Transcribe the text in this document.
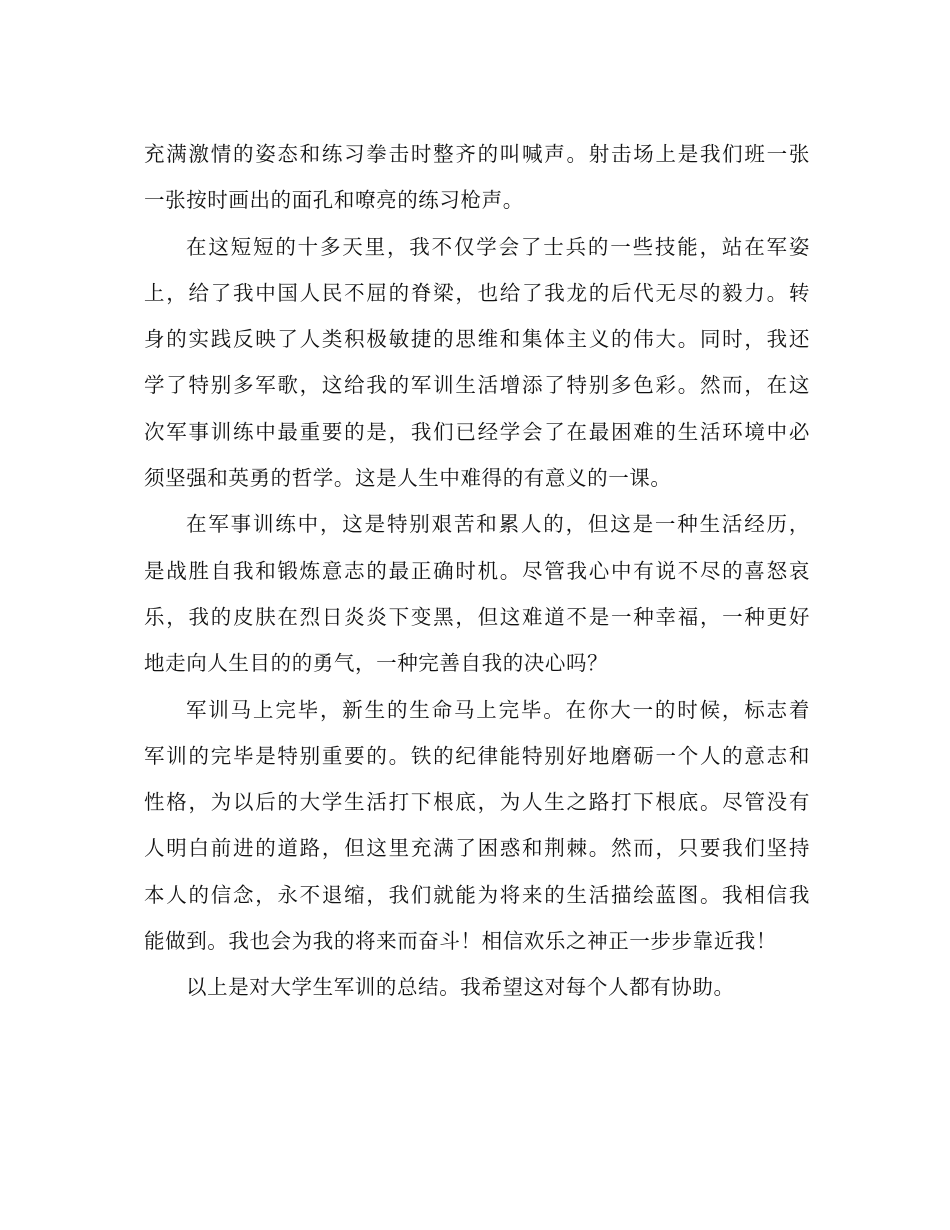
充满激情的姿态和练习拳击时整齐的叫喊声。射击场上是我们班一张
一张按时画出的面孔和嘹亮的练习枪声。
在这短短的十多天里，我不仅学会了士兵的一些技能，站在军姿
上，给了我中国人民不屈的脊梁，也给了我龙的后代无尽的毅力。转
身的实践反映了人类积极敏捷的思维和集体主义的伟大。同时，我还
学了特别多军歌，这给我的军训生活增添了特别多色彩。然而，在这
次军事训练中最重要的是，我们已经学会了在最困难的生活环境中必
须坚强和英勇的哲学。这是人生中难得的有意义的一课。
在军事训练中，这是特别艰苦和累人的，但这是一种生活经历，
是战胜自我和锻炼意志的最正确时机。尽管我心中有说不尽的喜怒哀
乐，我的皮肤在烈日炎炎下变黑，但这难道不是一种幸福，一种更好
地走向人生目的的勇气，一种完善自我的决心吗？
军训马上完毕，新生的生命马上完毕。在你大一的时候，标志着
军训的完毕是特别重要的。铁的纪律能特别好地磨砺一个人的意志和
性格，为以后的大学生活打下根底，为人生之路打下根底。尽管没有
人明白前进的道路，但这里充满了困惑和荆棘。然而，只要我们坚持
本人的信念，永不退缩，我们就能为将来的生活描绘蓝图。我相信我
能做到。我也会为我的将来而奋斗！相信欢乐之神正一步步靠近我！
以上是对大学生军训的总结。我希望这对每个人都有协助。
